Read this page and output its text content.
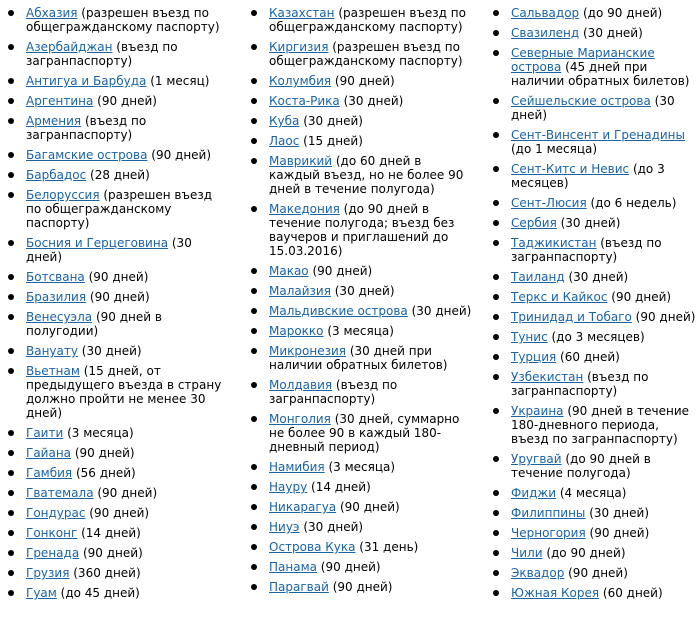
Абхазия (разрешен въезд по общегражданскому паспорту)
Азербайджан (въезд по загранпаспорту)
Антигуа и Барбуда (1 месяц)
Аргентина (90 дней)
Армения (въезд по загранпаспорту)
Багамские острова (90 дней)
Барбадос (28 дней)
Белоруссия (разрешен въезд по общегражданскому паспорту)
Босния и Герцеговина (30 дней)
Ботсвана (90 дней)
Бразилия (90 дней)
Венесуэла (90 дней в полугодии)
Вануату (30 дней)
Вьетнам (15 дней, от предыдущего въезда в страну должно пройти не менее 30 дней)
Гаити (3 месяца)
Гайана (90 дней)
Гамбия (56 дней)
Гватемала (90 дней)
Гондурас (90 дней)
Гонконг (14 дней)
Гренада (90 дней)
Грузия (360 дней)
Гуам (до 45 дней)
Казахстан (разрешен въезд по общегражданскому паспорту)
Киргизия (разрешен въезд по общегражданскому паспорту)
Колумбия (90 дней)
Коста-Рика (30 дней)
Куба (30 дней)
Лаос (15 дней)
Маврикий (до 60 дней в каждый въезд, но не более 90 дней в течение полугода)
Македония (до 90 дней в течение полугода; въезд без ваучеров и приглашений до 15.03.2016)
Макао (90 дней)
Малайзия (30 дней)
Мальдивские острова (30 дней)
Марокко (3 месяца)
Микронезия (30 дней при наличии обратных билетов)
Молдавия (въезд по загранпаспорту)
Монголия (30 дней, суммарно не более 90 в каждый 180-дневный период)
Намибия (3 месяца)
Науру (14 дней)
Никарагуа (90 дней)
Ниуэ (30 дней)
Острова Кука (31 день)
Панама (90 дней)
Парагвай (90 дней)
Сальвадор (до 90 дней)
Свазиленд (30 дней)
Северные Марианские острова (45 дней при наличии обратных билетов)
Сейшельские острова (30 дней)
Сент-Винсент и Гренадины (до 1 месяца)
Сент-Китс и Невис (до 3 месяцев)
Сент-Люсия (до 6 недель)
Сербия (30 дней)
Таджикистан (въезд по загранпаспорту)
Таиланд (30 дней)
Теркс и Кайкос (90 дней)
Тринидад и Тобаго (90 дней)
Тунис (до 3 месяцев)
Турция (60 дней)
Узбекистан (въезд по загранпаспорту)
Украина (90 дней в течение 180-дневного периода, въезд по загранпаспорту)
Уругвай (до 90 дней в течение полугода)
Фиджи (4 месяца)
Филиппины (30 дней)
Черногория (90 дней)
Чили (до 90 дней)
Эквадор (90 дней)
Южная Корея (60 дней)
